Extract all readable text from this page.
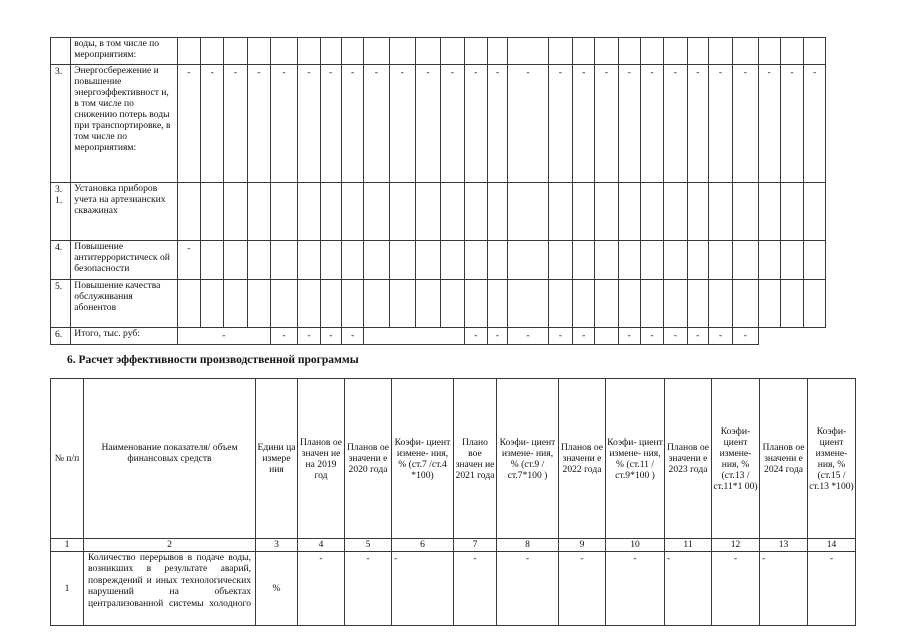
	воды, в том числе по мероприятиям:																											
3.	Энергосбережение и повышение энергоэффективност и, в том числе по снижению потерь воды при транспортировке, в том числе по мероприятиям:	-	-	-	-	-	-	-	-	-	-	-	-	-	-	-	-	-	-	-	-	-	-	-	-	-	-	-
3. 1.	Установка приборов учета на артезианских скважинах																											
4.	Повышение антитеррористическ ой безопасности	-																										
5.	Повышение качества обслуживания абонентов																											
6.	Итого, тыс. руб:	-				-	-	-	-					-	-	-	-	-		-	-	-	-	-	-			
6. Расчет эффективности производственной программы
№ п/п	Наименование показателя/ объем финансовых средств	Едини ца измере ния	Планов ое значен ие на 2019 год	Планов ое значени е 2020 года	Коэфи- циент измене- ния, % (ст.7 /ст.4 *100)	Плано вое значен ие 2021 года	Коэфи- циент измене- ния, % (ст.9 /ст.7*100 )	Планов ое значени е 2022 года	Коэфи- циент измене- ния, % (ст.11 /ст.9*100 )	Планов ое значени е 2023 года	Коэфи- циент измене- ния, % (ст.13 /ст.11*1 00)	Планов ое значени е 2024 года	Коэфи- циент измене- ния, % (ст.15 /ст.13 *100)
1	2	3	4	5	6	7	8	9	10	11	12	13	14
1	Количество перерывов в подаче воды, возникших в результате аварий, повреждений и иных технологических нарушений на объектах централизованной системы холодного	%	-	-	-	-	-	-	-	-	-	-	-
